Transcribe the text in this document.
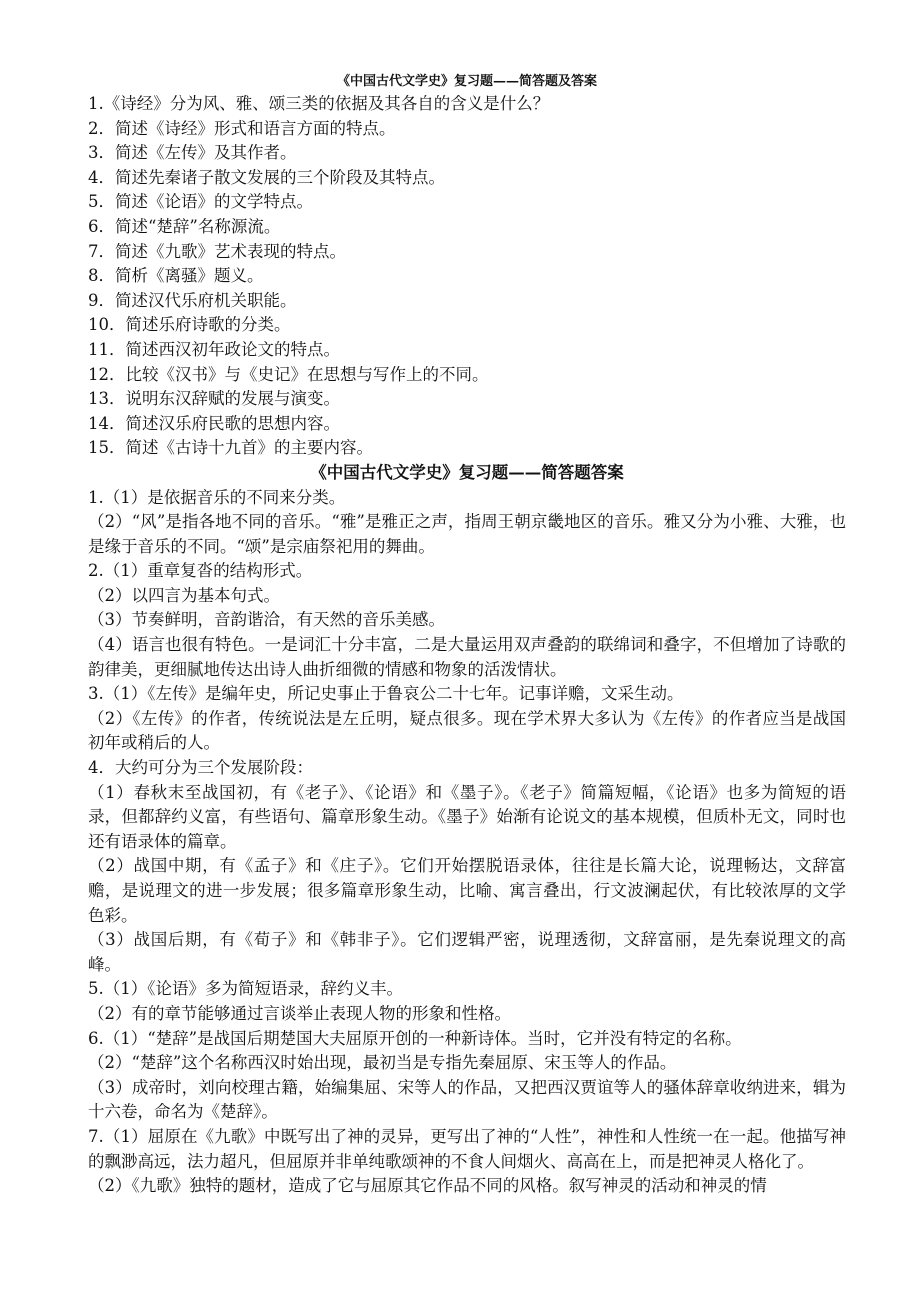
《中国古代文学史》复习题——简答题及答案
1.《诗经》分为风、雅、颂三类的依据及其各自的含义是什么？
2．简述《诗经》形式和语言方面的特点。
3．简述《左传》及其作者。
4．简述先秦诸子散文发展的三个阶段及其特点。
5．简述《论语》的文学特点。
6．简述“楚辞”名称源流。
7．简述《九歌》艺术表现的特点。
8．简析《离骚》题义。
9．简述汉代乐府机关职能。
10．简述乐府诗歌的分类。
11．简述西汉初年政论文的特点。
12．比较《汉书》与《史记》在思想与写作上的不同。
13．说明东汉辞赋的发展与演变。
14．简述汉乐府民歌的思想内容。
15．简述《古诗十九首》的主要内容。
《中国古代文学史》复习题——简答题答案
1.（1）是依据音乐的不同来分类。
（2）“风”是指各地不同的音乐。“雅”是雅正之声，指周王朝京畿地区的音乐。雅又分为小雅、大雅，也是缘于音乐的不同。“颂”是宗庙祭祀用的舞曲。
2.（1）重章复沓的结构形式。
（2）以四言为基本句式。
（3）节奏鲜明，音韵谐洽，有天然的音乐美感。
（4）语言也很有特色。一是词汇十分丰富，二是大量运用双声叠韵的联绵词和叠字，不但增加了诗歌的韵律美，更细腻地传达出诗人曲折细微的情感和物象的活泼情状。
3.（1）《左传》是编年史，所记史事止于鲁哀公二十七年。记事详赡，文采生动。
（2）《左传》的作者，传统说法是左丘明，疑点很多。现在学术界大多认为《左传》的作者应当是战国初年或稍后的人。
4．大约可分为三个发展阶段：
（1）春秋末至战国初，有《老子》、《论语》和《墨子》。《老子》简篇短幅，《论语》也多为简短的语录，但都辞约义富，有些语句、篇章形象生动。《墨子》始渐有论说文的基本规模，但质朴无文，同时也还有语录体的篇章。
（2）战国中期，有《孟子》和《庄子》。它们开始摆脱语录体，往往是长篇大论，说理畅达，文辞富赡，是说理文的进一步发展；很多篇章形象生动，比喻、寓言叠出，行文波澜起伏，有比较浓厚的文学色彩。
（3）战国后期，有《荀子》和《韩非子》。它们逻辑严密，说理透彻，文辞富丽，是先秦说理文的高峰。
5.（1）《论语》多为简短语录，辞约义丰。
（2）有的章节能够通过言谈举止表现人物的形象和性格。
6.（1）“楚辞”是战国后期楚国大夫屈原开创的一种新诗体。当时，它并没有特定的名称。
（2）“楚辞”这个名称西汉时始出现，最初当是专指先秦屈原、宋玉等人的作品。
（3）成帝时，刘向校理古籍，始编集屈、宋等人的作品，又把西汉贾谊等人的骚体辞章收纳进来，辑为十六卷，命名为《楚辞》。
7.（1）屈原在《九歌》中既写出了神的灵异，更写出了神的“人性”，神性和人性统一在一起。他描写神的飘渺高远，法力超凡，但屈原并非单纯歌颂神的不食人间烟火、高高在上，而是把神灵人格化了。
（2）《九歌》独特的题材，造成了它与屈原其它作品不同的风格。叙写神灵的活动和神灵的情
